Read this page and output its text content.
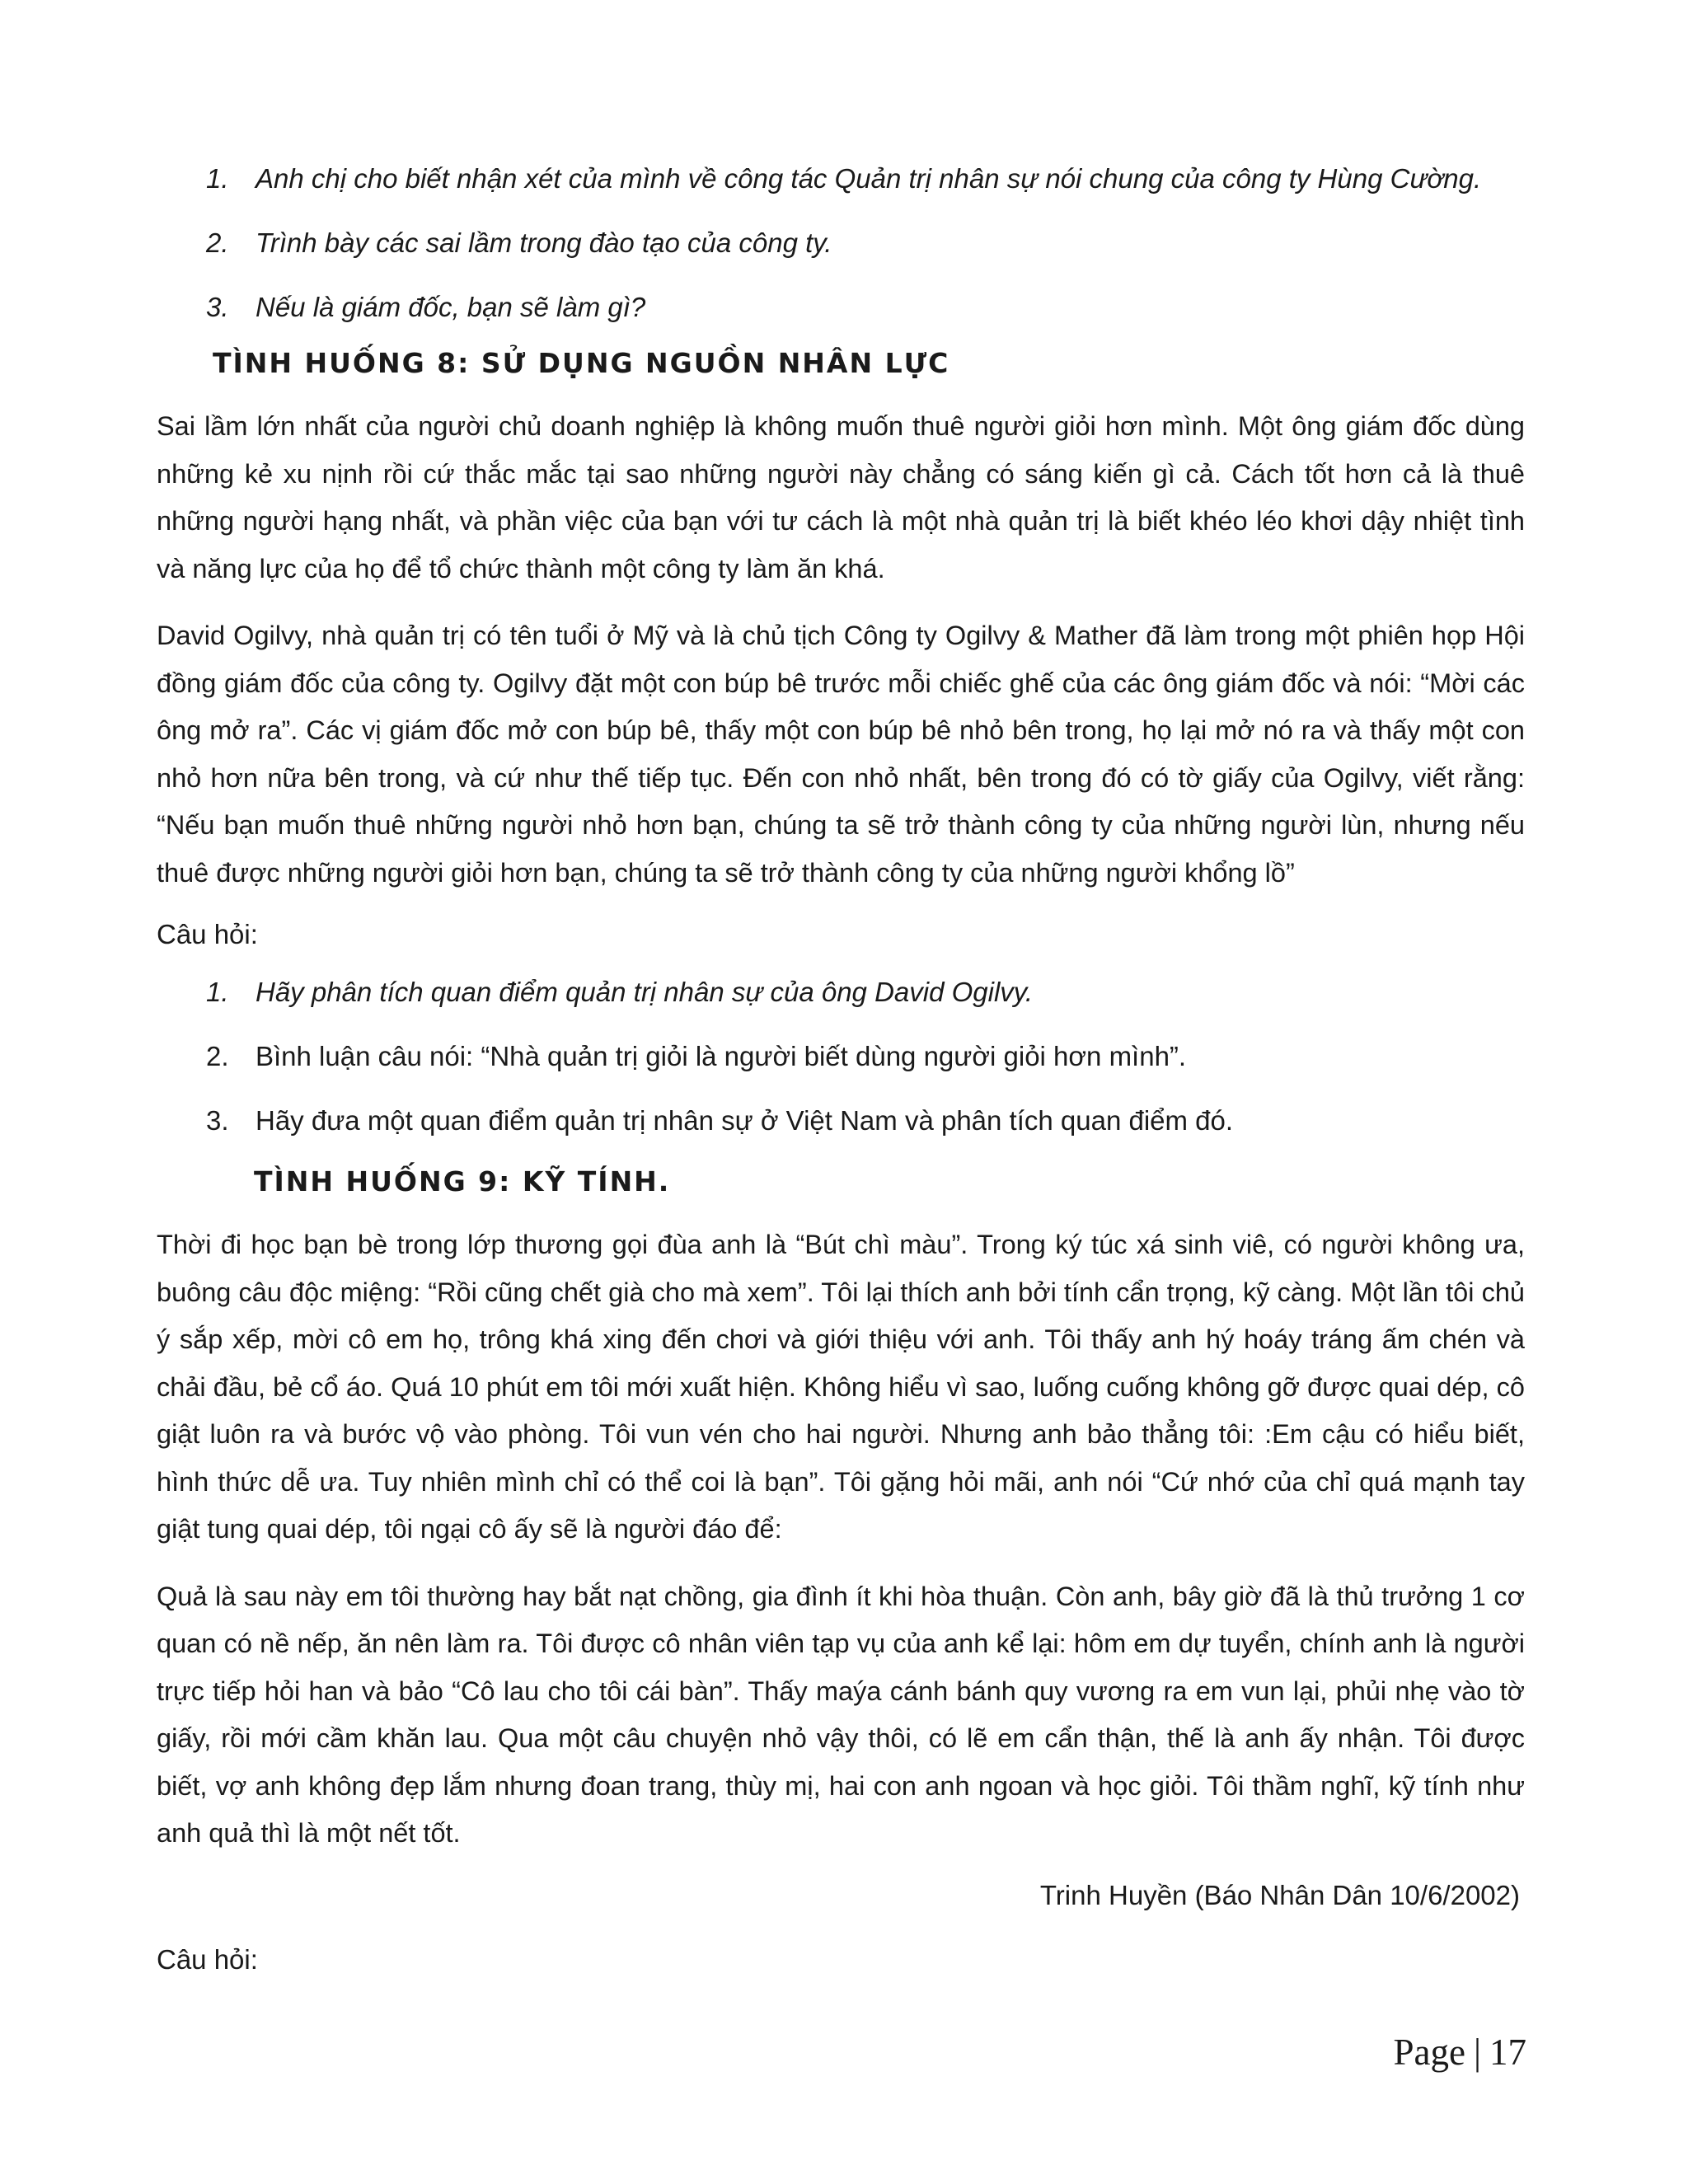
1. Anh chị cho biết nhận xét của mình về công tác Quản trị nhân sự nói chung của công ty Hùng Cường.
2. Trình bày các sai lầm trong đào tạo của công ty.
3. Nếu là giám đốc, bạn sẽ làm gì?
TÌNH HUỐNG 8: SỬ DỤNG NGUỒN NHÂN LỰC

Sai lầm lớn nhất của người chủ doanh nghiệp là không muốn thuê người giỏi hơn mình. Một ông giám đốc dùng những kẻ xu nịnh rồi cứ thắc mắc tại sao những người này chẳng có sáng kiến gì cả. Cách tốt hơn cả là thuê những người hạng nhất, và phần việc của bạn với tư cách là một nhà quản trị là biết khéo léo khơi dậy nhiệt tình và năng lực của họ để tổ chức thành một công ty làm ăn khá.

David Ogilvy, nhà quản trị có tên tuổi ở Mỹ và là chủ tịch Công ty Ogilvy & Mather đã làm trong một phiên họp Hội đồng giám đốc của công ty. Ogilvy đặt một con búp bê trước mỗi chiếc ghế của các ông giám đốc và nói: “Mời các ông mở ra”. Các vị giám đốc mở con búp bê, thấy một con búp bê nhỏ bên trong, họ lại mở nó ra và thấy một con nhỏ hơn nữa bên trong, và cứ như thế tiếp tục. Đến con nhỏ nhất, bên trong đó có tờ giấy của Ogilvy, viết rằng: “Nếu bạn muốn thuê những người nhỏ hơn bạn, chúng ta sẽ trở thành công ty của những người lùn, nhưng nếu thuê được những người giỏi hơn bạn, chúng ta sẽ trở thành công ty của những người khổng lồ”

Câu hỏi:

1. Hãy phân tích quan điểm quản trị nhân sự của ông David Ogilvy.
2. Bình luận câu nói: “Nhà quản trị giỏi là người biết dùng người giỏi hơn mình”.
3. Hãy đưa một quan điểm quản trị nhân sự ở Việt Nam và phân tích quan điểm đó.
TÌNH HUỐNG 9: KỸ TÍNH.

Thời đi học bạn bè trong lớp thương gọi đùa anh là “Bút chì màu”. Trong ký túc xá sinh viê, có người không ưa, buông câu độc miệng: “Rồi cũng chết già cho mà xem”. Tôi lại thích anh bởi tính cẩn trọng, kỹ càng. Một lần tôi chủ ý sắp xếp, mời cô em họ, trông khá xing đến chơi và giới thiệu với anh. Tôi thấy anh hý hoáy tráng ấm chén và chải đầu, bẻ cổ áo. Quá 10 phút em tôi mới xuất hiện. Không hiểu vì sao, luống cuống không gỡ được quai dép, cô giật luôn ra và bước vộ vào phòng. Tôi vun vén cho hai người. Nhưng anh bảo thẳng tôi: :Em cậu có hiểu biết, hình thức dễ ưa. Tuy nhiên mình chỉ có thể coi là bạn”. Tôi gặng hỏi mãi, anh nói “Cứ nhớ của chỉ quá mạnh tay giật tung quai dép, tôi ngại cô ấy sẽ là người đáo để:

Quả là sau này em tôi thường hay bắt nạt chồng, gia đình ít khi hòa thuận. Còn anh, bây giờ đã là thủ trưởng 1 cơ quan có nề nếp, ăn nên làm ra. Tôi được cô nhân viên tạp vụ của anh kể lại: hôm em dự tuyển, chính anh là người trực tiếp hỏi han và bảo “Cô lau cho tôi cái bàn”. Thấy maýa cánh bánh quy vương ra em vun lại, phủi nhẹ vào tờ giấy, rồi mới cầm khăn lau. Qua một câu chuyện nhỏ vậy thôi, có lẽ em cẩn thận, thế là anh ấy nhận. Tôi được biết, vợ anh không đẹp lắm nhưng đoan trang, thùy mị, hai con anh ngoan và học giỏi. Tôi thầm nghĩ, kỹ tính như anh quả thì là một nết tốt.

Trinh Huyền (Báo Nhân Dân 10/6/2002)

Câu hỏi:

Page | 17
